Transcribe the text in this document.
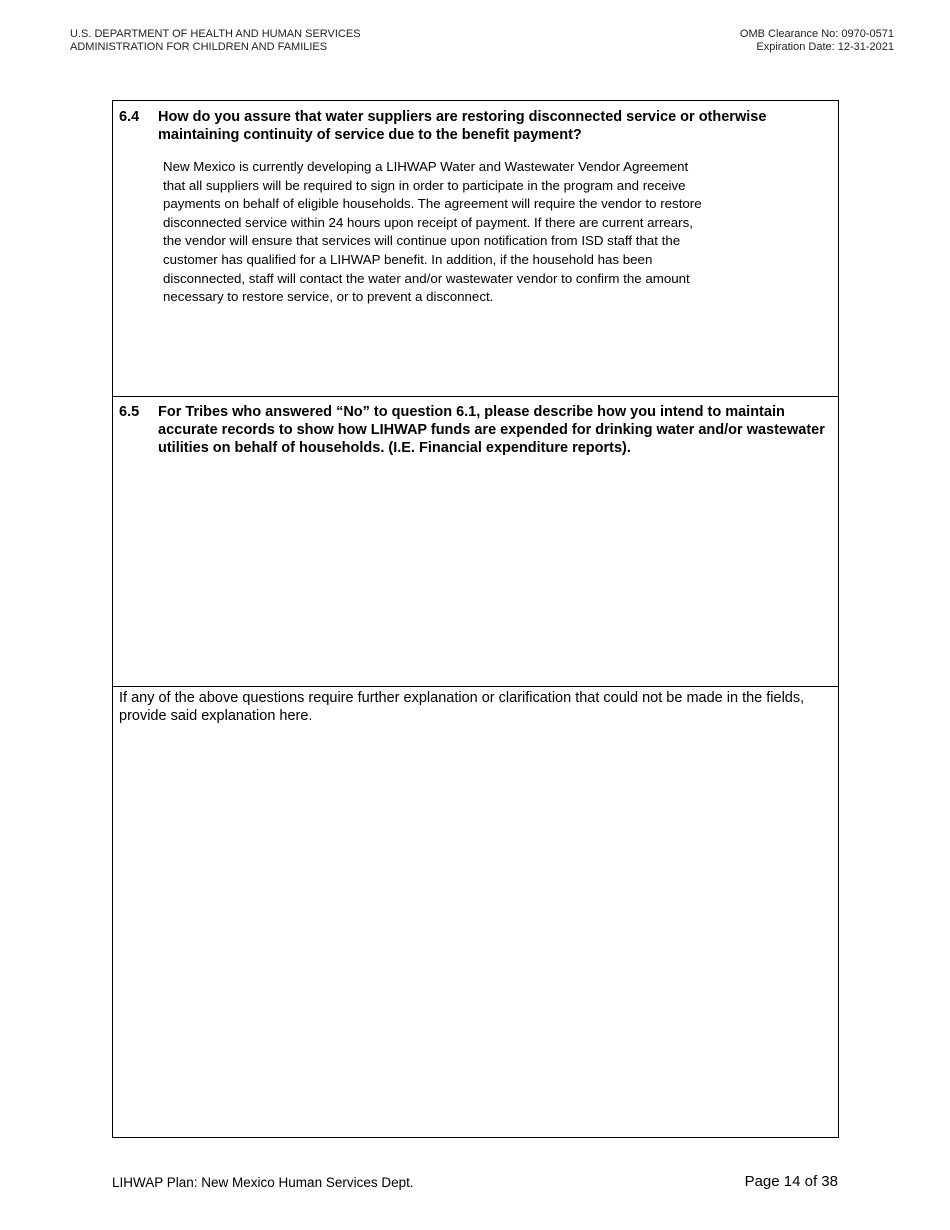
U.S. DEPARTMENT OF HEALTH AND HUMAN SERVICES
ADMINISTRATION FOR CHILDREN AND FAMILIES
OMB Clearance No: 0970-0571
Expiration Date: 12-31-2021
6.4 How do you assure that water suppliers are restoring disconnected service or otherwise maintaining continuity of service due to the benefit payment?
New Mexico is currently developing a LIHWAP Water and Wastewater Vendor Agreement that all suppliers will be required to sign in order to participate in the program and receive payments on behalf of eligible households. The agreement will require the vendor to restore disconnected service within 24 hours upon receipt of payment. If there are current arrears, the vendor will ensure that services will continue upon notification from ISD staff that the customer has qualified for a LIHWAP benefit. In addition, if the household has been disconnected, staff will contact the water and/or wastewater vendor to confirm the amount necessary to restore service, or to prevent a disconnect.
6.5 For Tribes who answered “No” to question 6.1, please describe how you intend to maintain accurate records to show how LIHWAP funds are expended for drinking water and/or wastewater utilities on behalf of households. (I.E. Financial expenditure reports).
If any of the above questions require further explanation or clarification that could not be made in the fields, provide said explanation here.
LIHWAP Plan: New Mexico Human Services Dept.	Page 14 of 38
